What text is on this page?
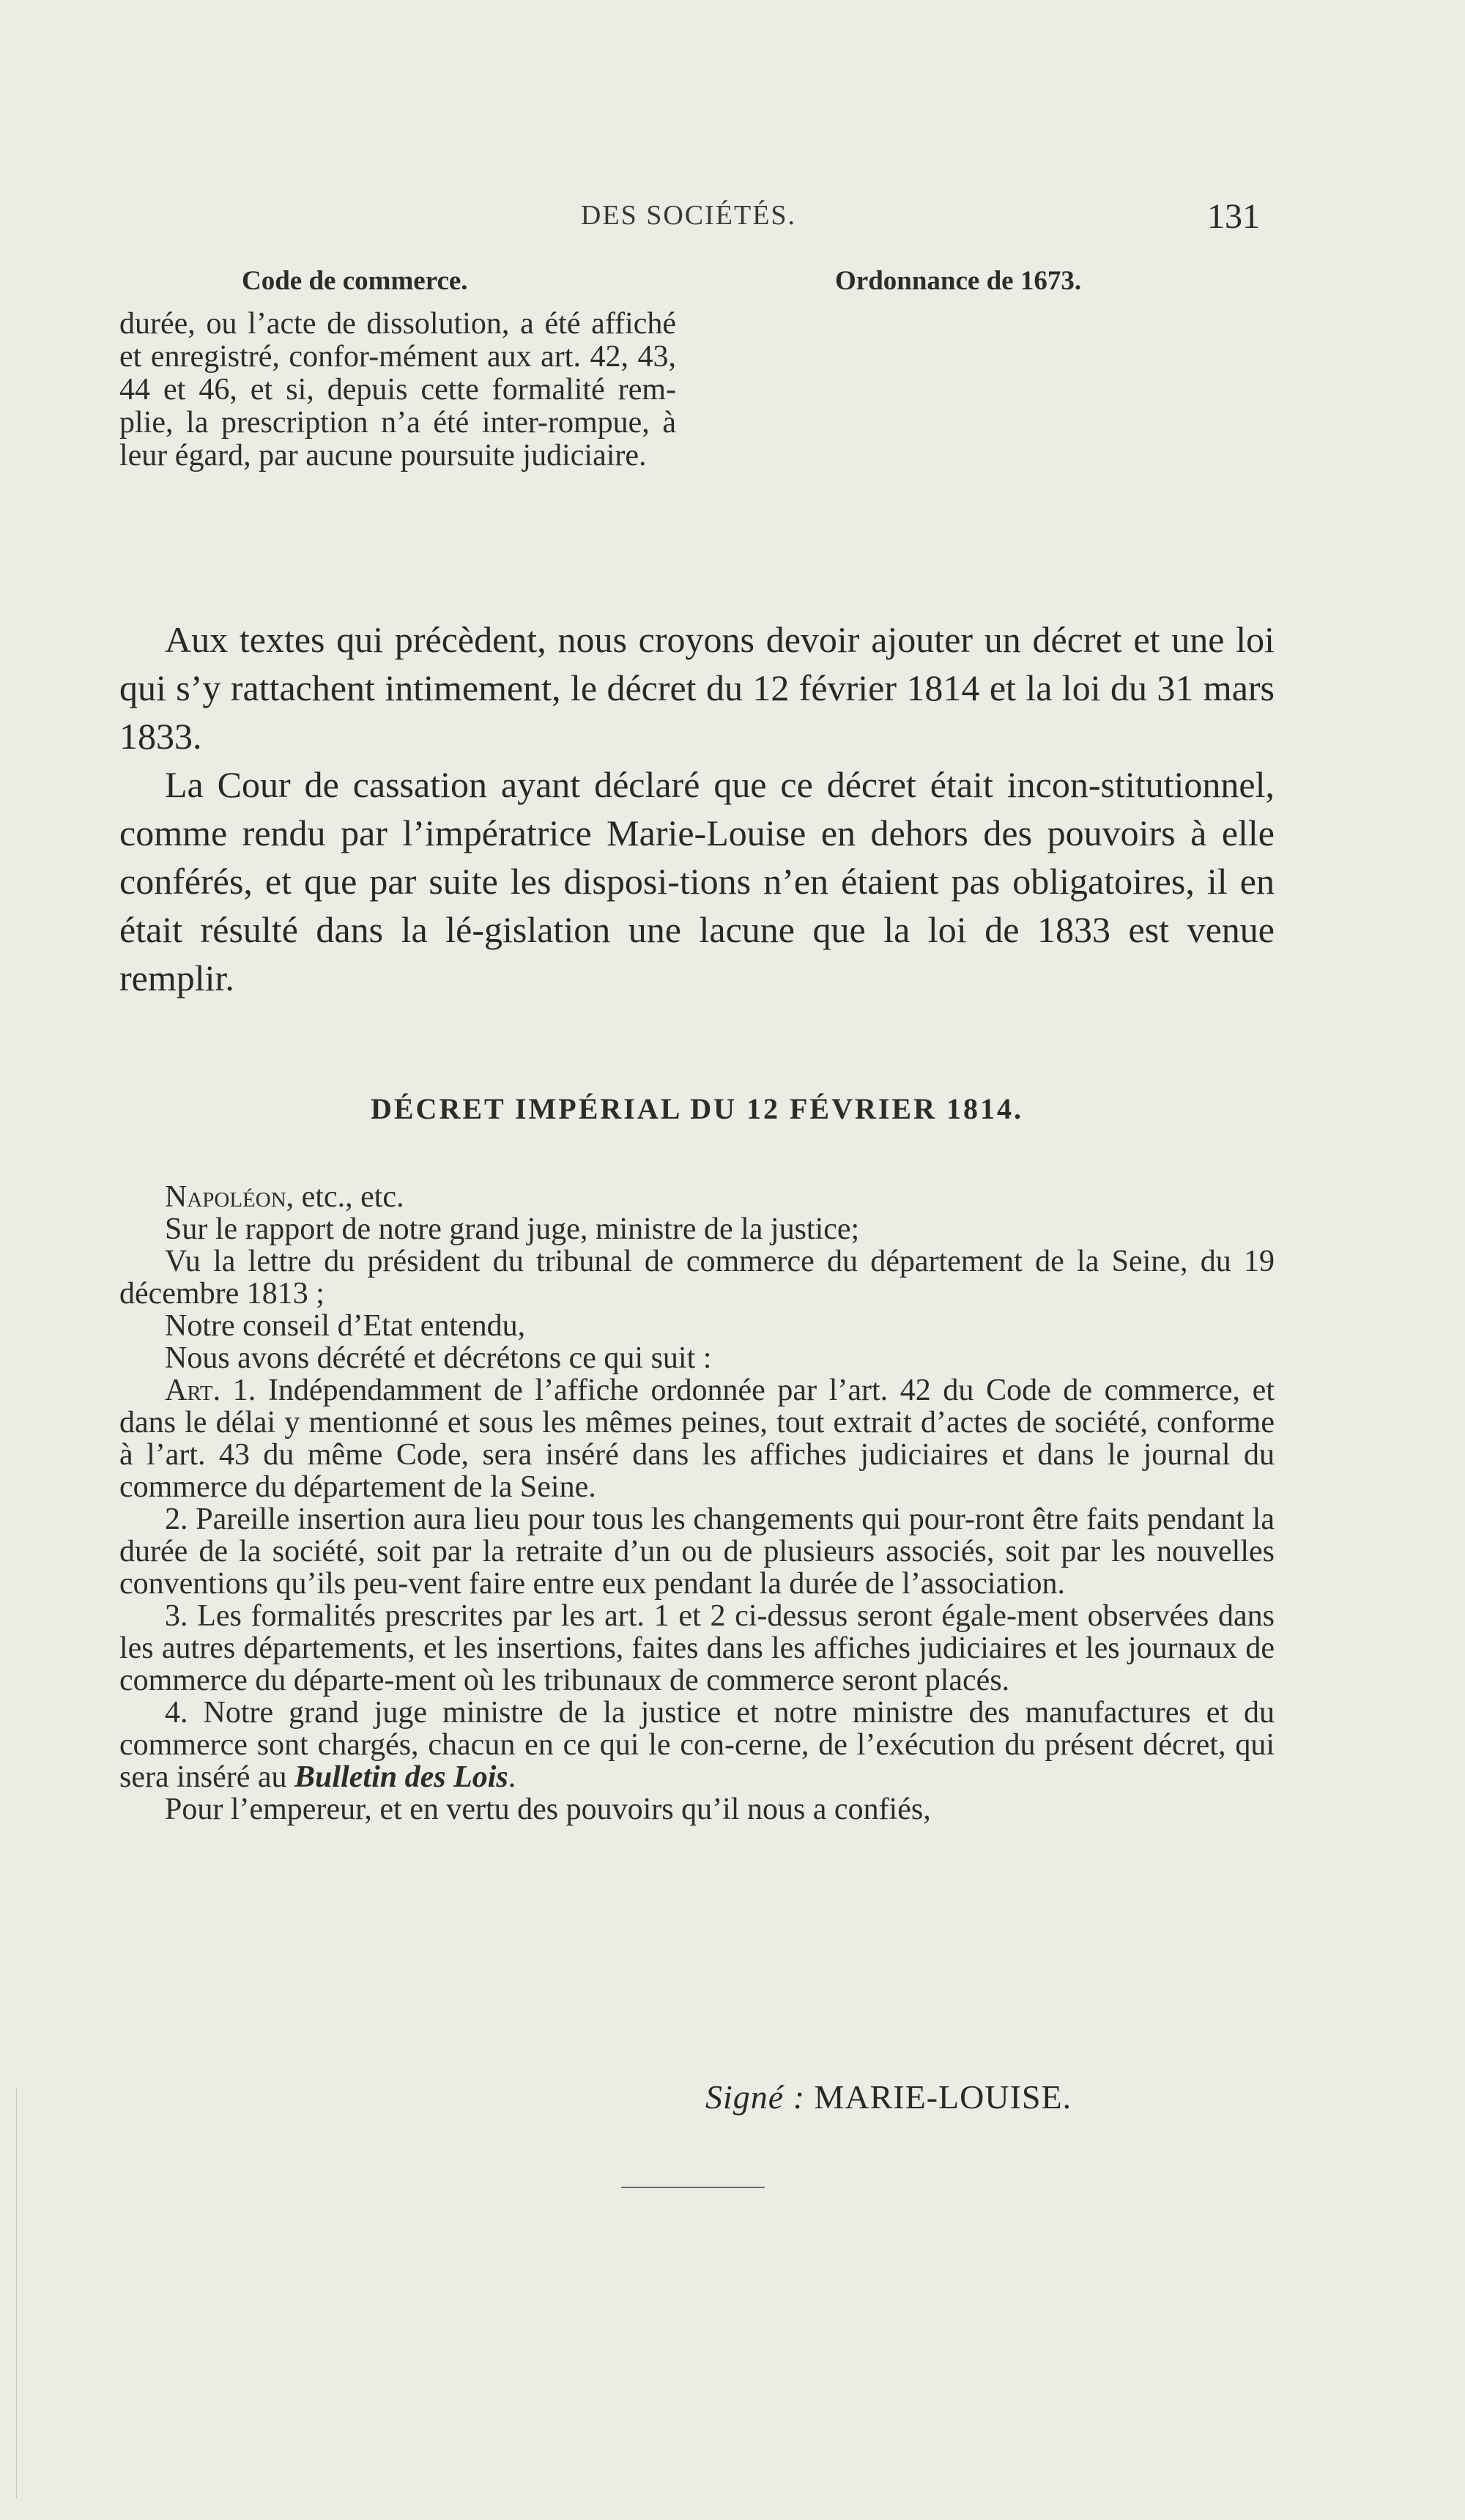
DES SOCIÉTÉS.	131
Code de commerce.	Ordonnance de 1673.

durée, ou l’acte de dissolution, a été affiché et enregistré, confor-mément aux art. 42, 43, 44 et 46, et si, depuis cette formalité rem-plie, la prescription n’a été inter-rompue, à leur égard, par aucune poursuite judiciaire.

Aux textes qui précèdent, nous croyons devoir ajouter un décret et une loi qui s’y rattachent intimement, le décret du 12 février 1814 et la loi du 31 mars 1833.

La Cour de cassation ayant déclaré que ce décret était incon-stitutionnel, comme rendu par l’impératrice Marie-Louise en dehors des pouvoirs à elle conférés, et que par suite les disposi-tions n’en étaient pas obligatoires, il en était résulté dans la lé-gislation une lacune que la loi de 1833 est venue remplir.

DÉCRET IMPÉRIAL DU 12 FÉVRIER 1814.

Napoléon, etc., etc.

Sur le rapport de notre grand juge, ministre de la justice;

Vu la lettre du président du tribunal de commerce du département de la Seine, du 19 décembre 1813 ;

Notre conseil d’Etat entendu,

Nous avons décrété et décrétons ce qui suit :

Art. 1. Indépendamment de l’affiche ordonnée par l’art. 42 du Code de commerce, et dans le délai y mentionné et sous les mêmes peines, tout extrait d’actes de société, conforme à l’art. 43 du même Code, sera inséré dans les affiches judiciaires et dans le journal du commerce du département de la Seine.

2. Pareille insertion aura lieu pour tous les changements qui pour-ront être faits pendant la durée de la société, soit par la retraite d’un ou de plusieurs associés, soit par les nouvelles conventions qu’ils peu-vent faire entre eux pendant la durée de l’association.

3. Les formalités prescrites par les art. 1 et 2 ci-dessus seront égale-ment observées dans les autres départements, et les insertions, faites dans les affiches judiciaires et les journaux de commerce du départe-ment où les tribunaux de commerce seront placés.

4. Notre grand juge ministre de la justice et notre ministre des manufactures et du commerce sont chargés, chacun en ce qui le con-cerne, de l’exécution du présent décret, qui sera inséré au Bulletin des Lois.

Pour l’empereur, et en vertu des pouvoirs qu’il nous a confiés,

Signé : MARIE-LOUISE.
